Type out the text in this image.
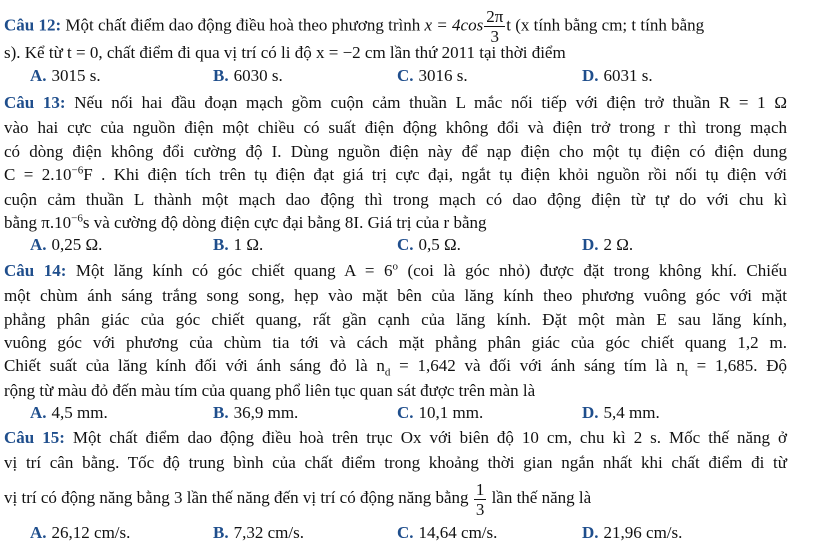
Câu 12: Một chất điểm dao động điều hoà theo phương trình $x = 4\cos \frac{2\pi}{3}$ t (x tính bằng cm; t tính bằng
s). Kể từ t = 0, chất điểm đi qua vị trí có li độ x = −2 cm lần thứ 2011 tại thời điểm
A. 3015 s.	B. 6030 s.	C. 3016 s.	D. 6031 s.
Câu 13: Nếu nối hai đầu đoạn mạch gồm cuộn cảm thuần L mắc nối tiếp với điện trở thuần R = 1 Ω
vào hai cực của nguồn điện một chiều có suất điện động không đổi và điện trở trong r thì trong mạch
có dòng điện không đổi cường độ I. Dùng nguồn điện này để nạp điện cho một tụ điện có điện dung
$C = 2.10^{-6}F$ . Khi điện tích trên tụ điện đạt giá trị cực đại, ngắt tụ điện khỏi nguồn rồi nối tụ điện với
cuộn cảm thuần L thành một mạch dao động thì trong mạch có dao động điện từ tự do với chu kì
bằng $\pi.10^{-6}s$ và cường độ dòng điện cực đại bằng 8I. Giá trị của r bằng
A. 0,25 Ω.	B. 1 Ω.	C. 0,5 Ω.	D. 2 Ω.
Câu 14: Một lăng kính có góc chiết quang $A = 6^o$ (coi là góc nhỏ) được đặt trong không khí. Chiếu
một chùm ánh sáng trắng song song, hẹp vào mặt bên của lăng kính theo phương vuông góc với mặt
phẳng phân giác của góc chiết quang, rất gần cạnh của lăng kính. Đặt một màn E sau lăng kính,
vuông góc với phương của chùm tia tới và cách mặt phẳng phân giác của góc chiết quang 1,2 m.
Chiết suất của lăng kính đối với ánh sáng đỏ là $n_d = 1,642$ và đối với ánh sáng tím là $n_t = 1,685$. Độ
rộng từ màu đỏ đến màu tím của quang phổ liên tục quan sát được trên màn là
A. 4,5 mm.	B. 36,9 mm.	C. 10,1 mm.	D. 5,4 mm.
Câu 15: Một chất điểm dao động điều hoà trên trục Ox với biên độ 10 cm, chu kì 2 s. Mốc thế năng ở
vị trí cân bằng. Tốc độ trung bình của chất điểm trong khoảng thời gian ngắn nhất khi chất điểm đi từ
vị trí có động năng bằng 3 lần thế năng đến vị trí có động năng bằng $\frac{1}{3}$ lần thế năng là
A. 26,12 cm/s.	B. 7,32 cm/s.	C. 14,64 cm/s.	D. 21,96 cm/s.
